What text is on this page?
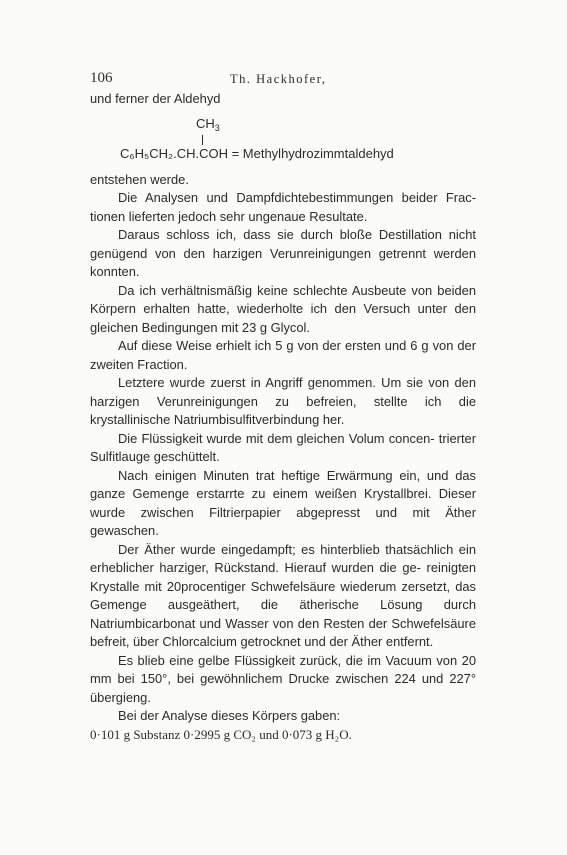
106	Th. Hackhofer,

und ferner der Aldehyd

$CH_3$
C₆H₅CH₂.CH.COH = Methylhydrozimmtaldehyd

entstehen werde.

Die Analysen und Dampfdichtebestimmungen beider Frac- tionen lieferten jedoch sehr ungenaue Resultate.

Daraus schloss ich, dass sie durch bloße Destillation nicht genügend von den harzigen Verunreinigungen getrennt werden konnten.

Da ich verhältnismäßig keine schlechte Ausbeute von beiden Körpern erhalten hatte, wiederholte ich den Versuch unter den gleichen Bedingungen mit 23 g Glycol.

Auf diese Weise erhielt ich 5 g von der ersten und 6 g von der zweiten Fraction.

Letztere wurde zuerst in Angriff genommen. Um sie von den harzigen Verunreinigungen zu befreien, stellte ich die krystallinische Natriumbisulfitverbindung her.

Die Flüssigkeit wurde mit dem gleichen Volum concen- trierter Sulfitlauge geschüttelt.

Nach einigen Minuten trat heftige Erwärmung ein, und das ganze Gemenge erstarrte zu einem weißen Krystallbrei. Dieser wurde zwischen Filtrierpapier abgepresst und mit Äther gewaschen.

Der Äther wurde eingedampft; es hinterblieb thatsächlich ein erheblicher harziger, Rückstand. Hierauf wurden die ge- reinigten Krystalle mit 20procentiger Schwefelsäure wiederum zersetzt, das Gemenge ausgeäthert, die ätherische Lösung durch Natriumbicarbonat und Wasser von den Resten der Schwefelsäure befreit, über Chlorcalcium getrocknet und der Äther entfernt.

Es blieb eine gelbe Flüssigkeit zurück, die im Vacuum von 20 mm bei 150°, bei gewöhnlichem Drucke zwischen 224 und 227° übergieng.

Bei der Analyse dieses Körpers gaben:

0·101 g Substanz 0·2995 g CO₂ und 0·073 g H₂O.
